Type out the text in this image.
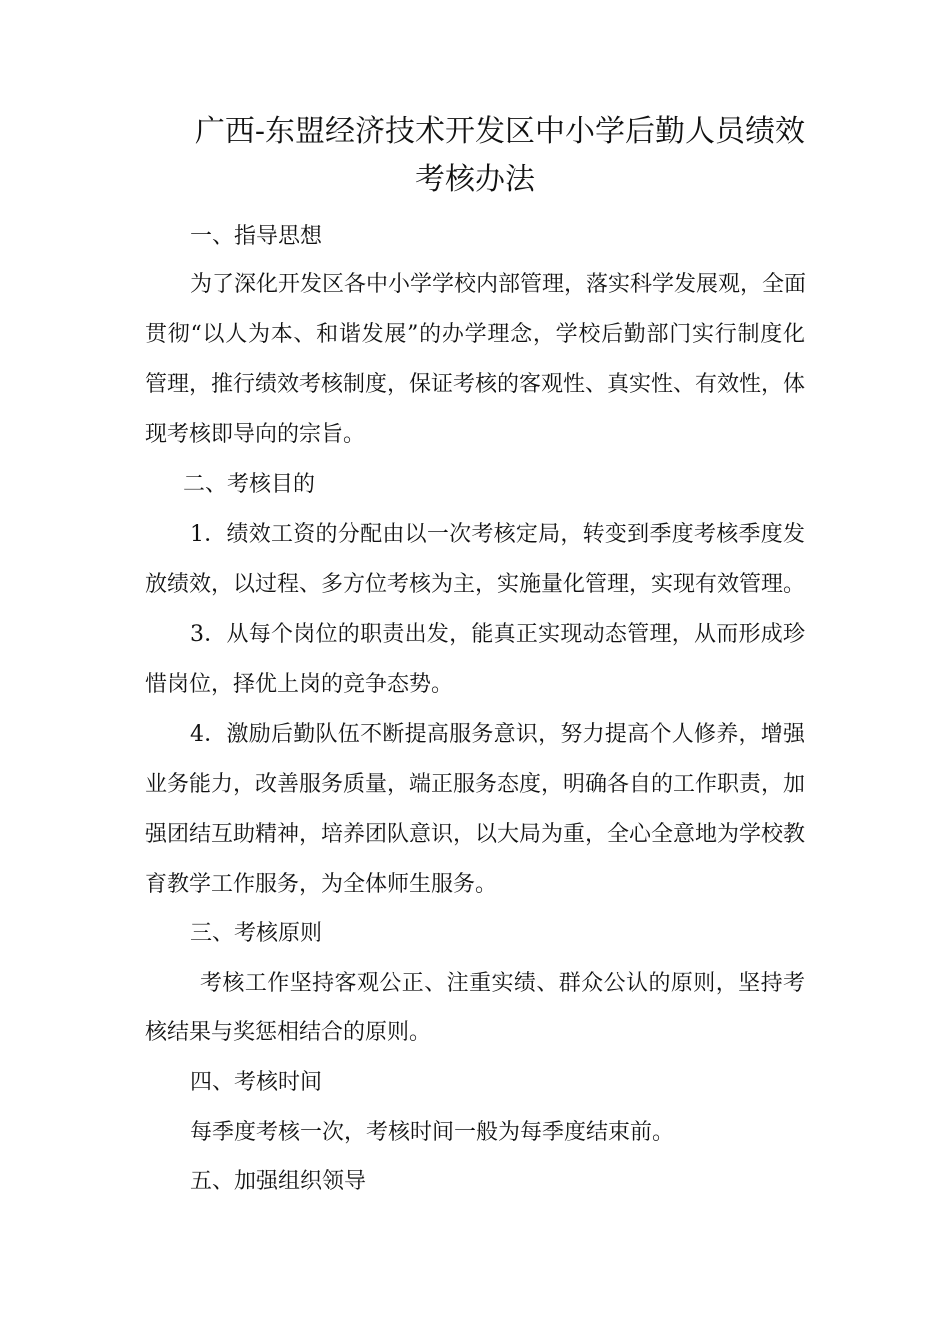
广西-东盟经济技术开发区中小学后勤人员绩效
考核办法
一、指导思想
为了深化开发区各中小学学校内部管理，落实科学发展观，全面
贯彻“以人为本、和谐发展”的办学理念，学校后勤部门实行制度化
管理，推行绩效考核制度，保证考核的客观性、真实性、有效性，体
现考核即导向的宗旨。
二、考核目的
1．绩效工资的分配由以一次考核定局，转变到季度考核季度发
放绩效，以过程、多方位考核为主，实施量化管理，实现有效管理。
3．从每个岗位的职责出发，能真正实现动态管理，从而形成珍
惜岗位，择优上岗的竞争态势。
4．激励后勤队伍不断提高服务意识，努力提高个人修养，增强
业务能力，改善服务质量，端正服务态度，明确各自的工作职责，加
强团结互助精神，培养团队意识，以大局为重，全心全意地为学校教
育教学工作服务，为全体师生服务。
三、考核原则
考核工作坚持客观公正、注重实绩、群众公认的原则，坚持考
核结果与奖惩相结合的原则。
四、考核时间
每季度考核一次，考核时间一般为每季度结束前。
五、加强组织领导
